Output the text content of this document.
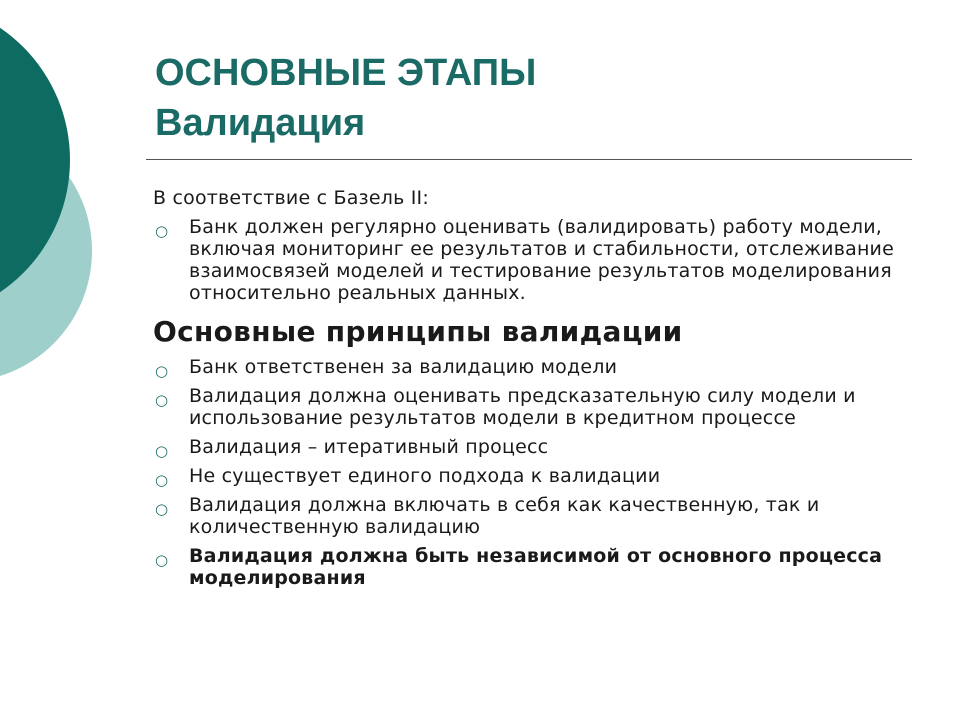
ОСНОВНЫЕ ЭТАПЫ
Валидация
В соответствие с Базель II:
○ Банк должен регулярно оценивать (валидировать) работу модели, включая мониторинг ее результатов и стабильности, отслеживание взаимосвязей моделей и тестирование результатов моделирования относительно реальных данных.
Основные принципы валидации
○ Банк ответственен за валидацию модели
○ Валидация должна оценивать предсказательную силу модели и использование результатов модели в кредитном процессе
○ Валидация – итеративный процесс
○ Не существует единого подхода к валидации
○ Валидация должна включать в себя как качественную, так и количественную валидацию
○ Валидация должна быть независимой от основного процесса моделирования
